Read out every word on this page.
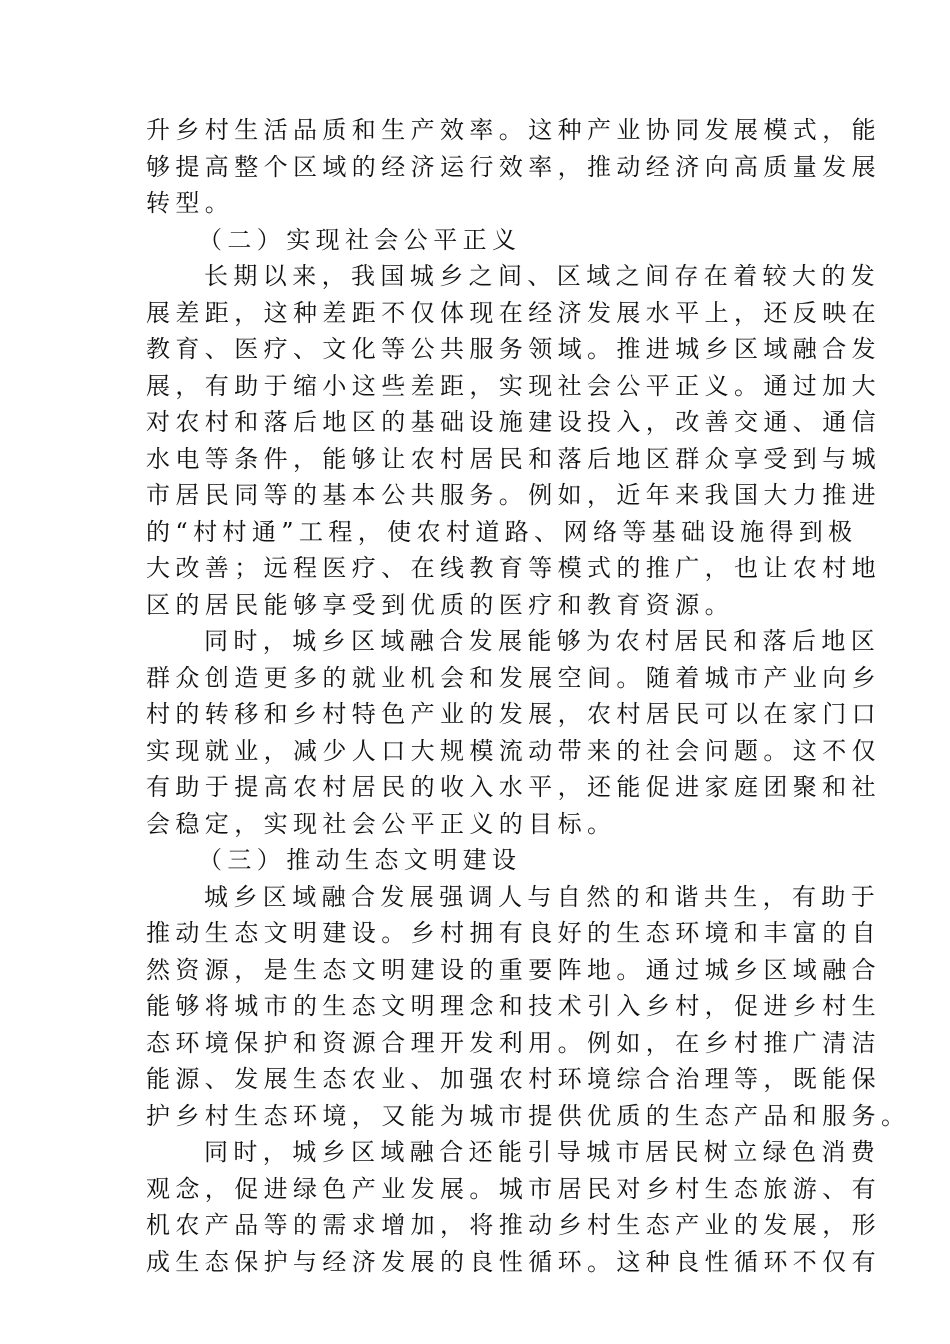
升乡村生活品质和生产效率。这种产业协同发展模式，能
够提高整个区域的经济运行效率，推动经济向高质量发展
转型。
（二）实现社会公平正义
长期以来，我国城乡之间、区域之间存在着较大的发
展差距，这种差距不仅体现在经济发展水平上，还反映在
教育、医疗、文化等公共服务领域。推进城乡区域融合发
展，有助于缩小这些差距，实现社会公平正义。通过加大
对农村和落后地区的基础设施建设投入，改善交通、通信
水电等条件，能够让农村居民和落后地区群众享受到与城
市居民同等的基本公共服务。例如，近年来我国大力推进
的“村村通”工程，使农村道路、网络等基础设施得到极
大改善；远程医疗、在线教育等模式的推广，也让农村地
区的居民能够享受到优质的医疗和教育资源。
同时，城乡区域融合发展能够为农村居民和落后地区
群众创造更多的就业机会和发展空间。随着城市产业向乡
村的转移和乡村特色产业的发展，农村居民可以在家门口
实现就业，减少人口大规模流动带来的社会问题。这不仅
有助于提高农村居民的收入水平，还能促进家庭团聚和社
会稳定，实现社会公平正义的目标。
（三）推动生态文明建设
城乡区域融合发展强调人与自然的和谐共生，有助于
推动生态文明建设。乡村拥有良好的生态环境和丰富的自
然资源，是生态文明建设的重要阵地。通过城乡区域融合
能够将城市的生态文明理念和技术引入乡村，促进乡村生
态环境保护和资源合理开发利用。例如，在乡村推广清洁
能源、发展生态农业、加强农村环境综合治理等，既能保
护乡村生态环境，又能为城市提供优质的生态产品和服务。
同时，城乡区域融合还能引导城市居民树立绿色消费
观念，促进绿色产业发展。城市居民对乡村生态旅游、有
机农产品等的需求增加，将推动乡村生态产业的发展，形
成生态保护与经济发展的良性循环。这种良性循环不仅有
